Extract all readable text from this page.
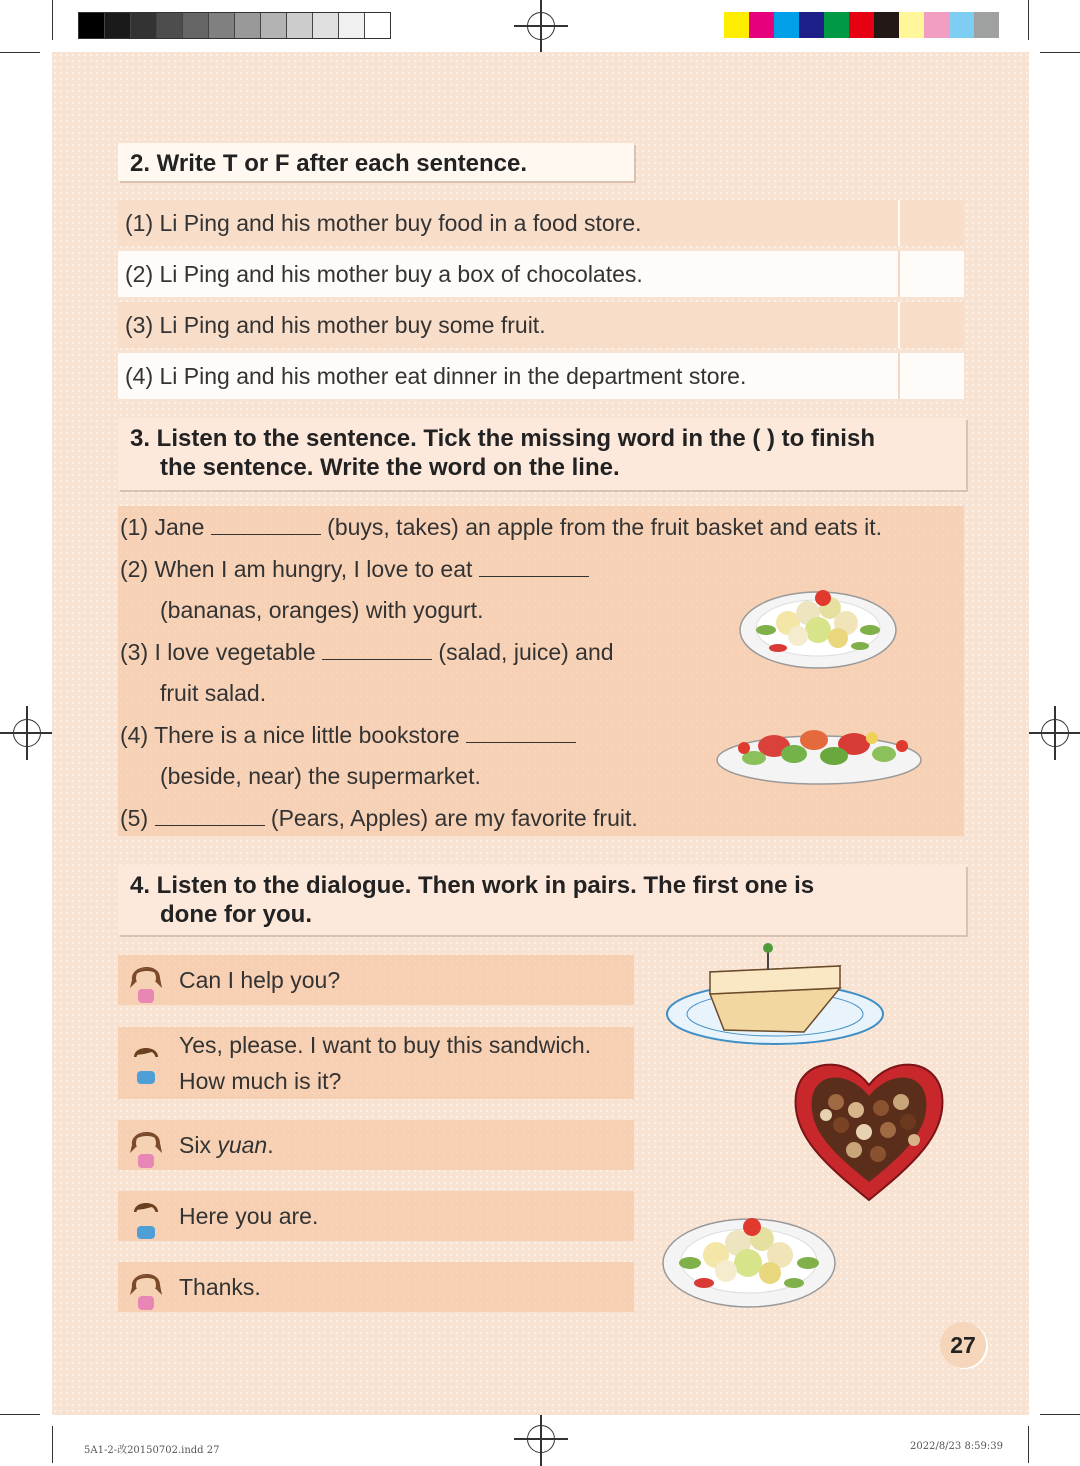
2. Write T or F after each sentence.
(1) Li Ping and his mother buy food in a food store.
(2) Li Ping and his mother buy a box of chocolates.
(3) Li Ping and his mother buy some fruit.
(4) Li Ping and his mother eat dinner in the department store.
3. Listen to the sentence. Tick the missing word in the ( ) to finish
the sentence. Write the word on the line.
(1) Jane	(buys, takes) an apple from the fruit basket and eats it.
(2) When I am hungry, I love to eat
(bananas, oranges) with yogurt.
(3) I love vegetable	(salad, juice) and
fruit salad.
(4) There is a nice little bookstore
(beside, near) the supermarket.
(5)	(Pears, Apples) are my favorite fruit.
4. Listen to the dialogue. Then work in pairs. The first one is
done for you.
Can I help you?
Yes, please. I want to buy this sandwich.
How much is it?
Six yuan.
Here you are.
Thanks.
27
5A1-2-改20150702.indd 27	2022/8/23 8:59:39
